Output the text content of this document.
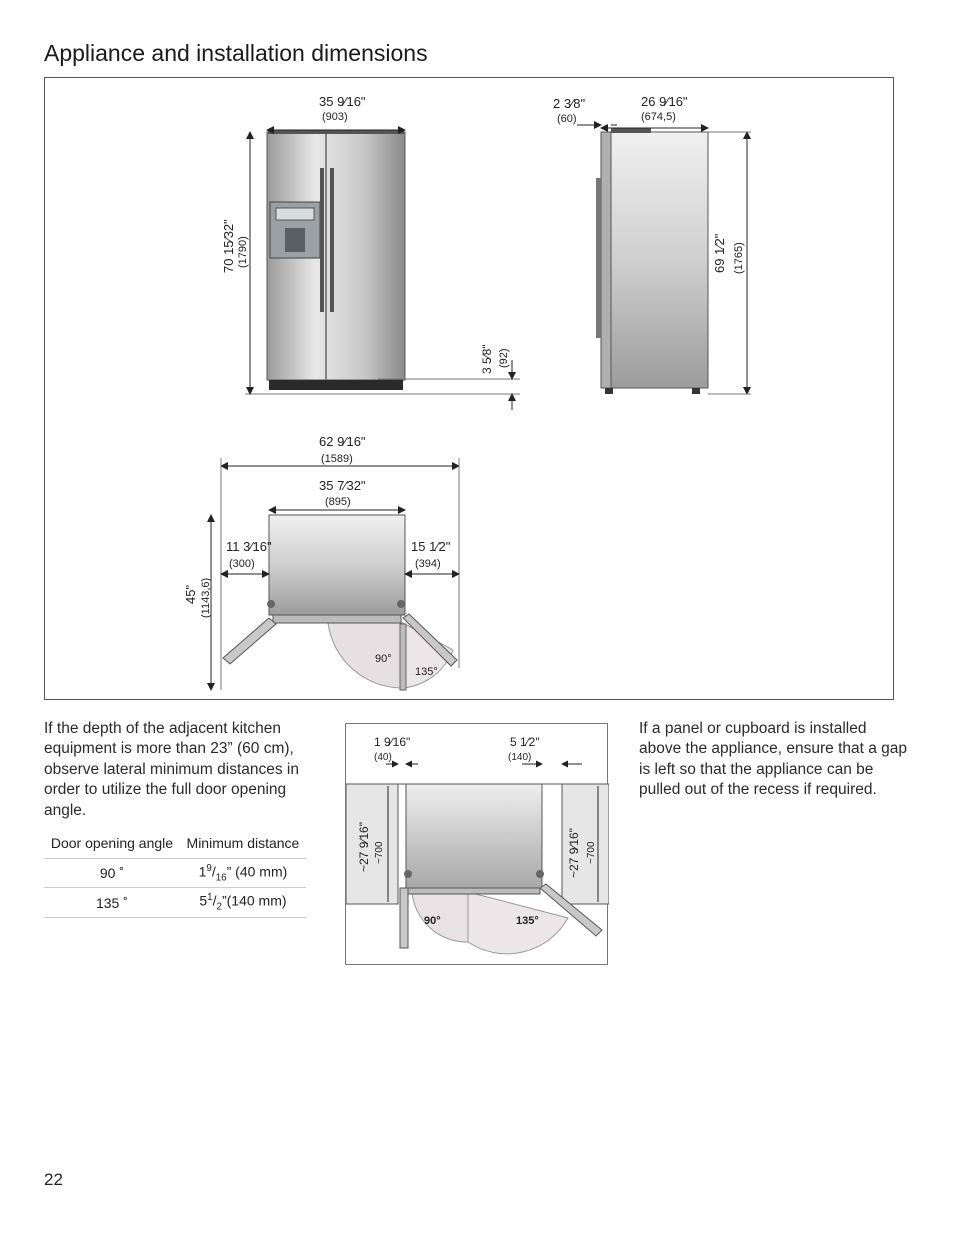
Appliance and installation dimensions
35 9⁄16"
(903)
70 15⁄32" (1790)
3 5⁄8" (92)
2 3⁄8"
(60)
26 9⁄16"
(674,5)
69 1⁄2" (1765)
62 9⁄16"
(1589)
35 7⁄32"
(895)
11 3⁄16"
(300)
15 1⁄2"
(394)
45" (1143,6)
90°
135°

If the depth of the adjacent kitchen equipment is more than 23” (60 cm), observe lateral minimum distances in order to utilize the full door opening angle.

Door opening angle	Minimum distance
90 ˚	$1^9/_{16}$” (40 mm)
135 ˚	$5^1/_2”(140$ mm)
1 9⁄16"
(40)
5 1⁄2"
(140)
~27 9⁄16" ~700	~27 9⁄16" ~700
90°	135°

If a panel or cupboard is installed above the appliance, ensure that a gap is left so that the appliance can be pulled out of the recess if required.

22
